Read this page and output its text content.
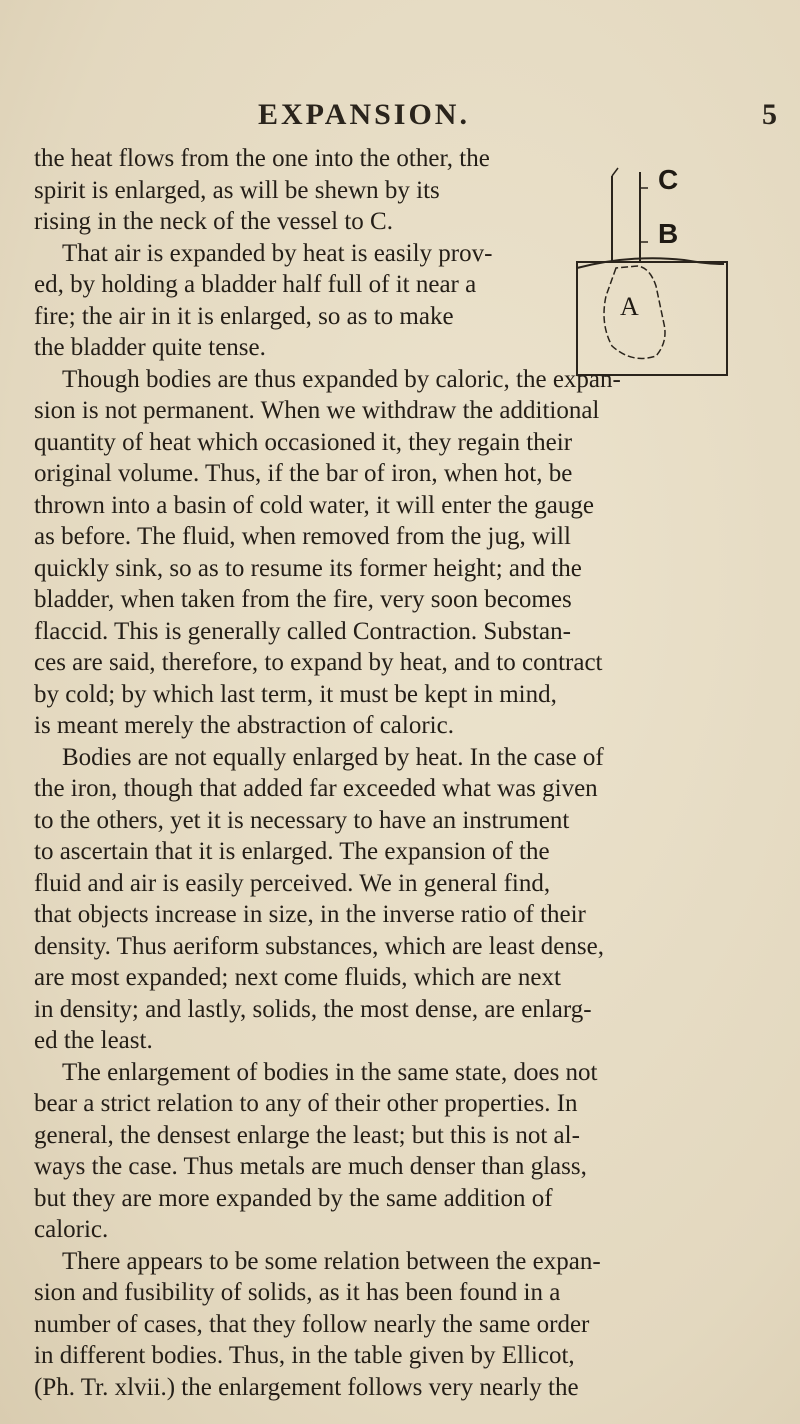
EXPANSION.	5
C
B
A
the heat flows from the one into the other, the
spirit is enlarged, as will be shewn by its
rising in the neck of the vessel to C.
That air is expanded by heat is easily prov-
ed, by holding a bladder half full of it near a
fire; the air in it is enlarged, so as to make
the bladder quite tense.
Though bodies are thus expanded by caloric, the expan-
sion is not permanent. When we withdraw the additional
quantity of heat which occasioned it, they regain their
original volume. Thus, if the bar of iron, when hot, be
thrown into a basin of cold water, it will enter the gauge
as before. The fluid, when removed from the jug, will
quickly sink, so as to resume its former height; and the
bladder, when taken from the fire, very soon becomes
flaccid. This is generally called Contraction. Substan-
ces are said, therefore, to expand by heat, and to contract
by cold; by which last term, it must be kept in mind,
is meant merely the abstraction of caloric.
Bodies are not equally enlarged by heat. In the case of
the iron, though that added far exceeded what was given
to the others, yet it is necessary to have an instrument
to ascertain that it is enlarged. The expansion of the
fluid and air is easily perceived. We in general find,
that objects increase in size, in the inverse ratio of their
density. Thus aeriform substances, which are least dense,
are most expanded; next come fluids, which are next
in density; and lastly, solids, the most dense, are enlarg-
ed the least.
The enlargement of bodies in the same state, does not
bear a strict relation to any of their other properties. In
general, the densest enlarge the least; but this is not al-
ways the case. Thus metals are much denser than glass,
but they are more expanded by the same addition of
caloric.
There appears to be some relation between the expan-
sion and fusibility of solids, as it has been found in a
number of cases, that they follow nearly the same order
in different bodies. Thus, in the table given by Ellicot,
(Ph. Tr. xlvii.) the enlargement follows very nearly the
